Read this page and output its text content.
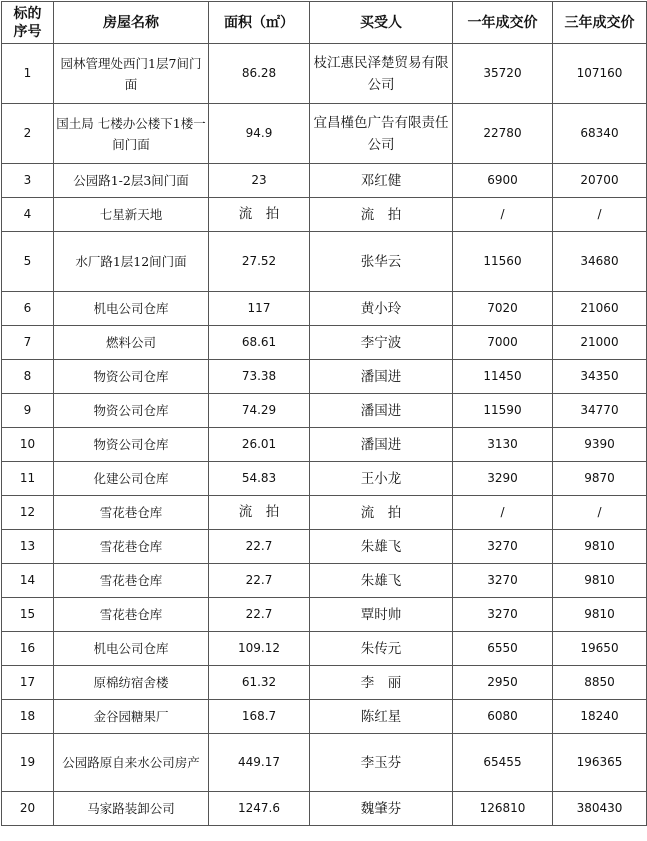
标的序号	房屋名称	面积（㎡）	买受人	一年成交价	三年成交价
1	园林管理处西门1层7间门面	86.28	枝江惠民泽楚贸易有限公司	35720	107160
2	国土局 七楼办公楼下1楼一间门面	94.9	宜昌槿色广告有限责任公司	22780	68340
3	公园路1-2层3间门面	23	邓红健	6900	20700
4	七星新天地	流　拍	流　拍	/	/
5	水厂路1层12间门面	27.52	张华云	11560	34680
6	机电公司仓库	117	黄小玲	7020	21060
7	燃料公司	68.61	李宁波	7000	21000
8	物资公司仓库	73.38	潘国进	11450	34350
9	物资公司仓库	74.29	潘国进	11590	34770
10	物资公司仓库	26.01	潘国进	3130	9390
11	化建公司仓库	54.83	王小龙	3290	9870
12	雪花巷仓库	流　拍	流　拍	/	/
13	雪花巷仓库	22.7	朱雄飞	3270	9810
14	雪花巷仓库	22.7	朱雄飞	3270	9810
15	雪花巷仓库	22.7	覃时帅	3270	9810
16	机电公司仓库	109.12	朱传元	6550	19650
17	原棉纺宿舍楼	61.32	李　丽	2950	8850
18	金谷园糖果厂	168.7	陈红星	6080	18240
19	公园路原自来水公司房产	449.17	李玉芬	65455	196365
20	马家路装卸公司	1247.6	魏肇芬	126810	380430
